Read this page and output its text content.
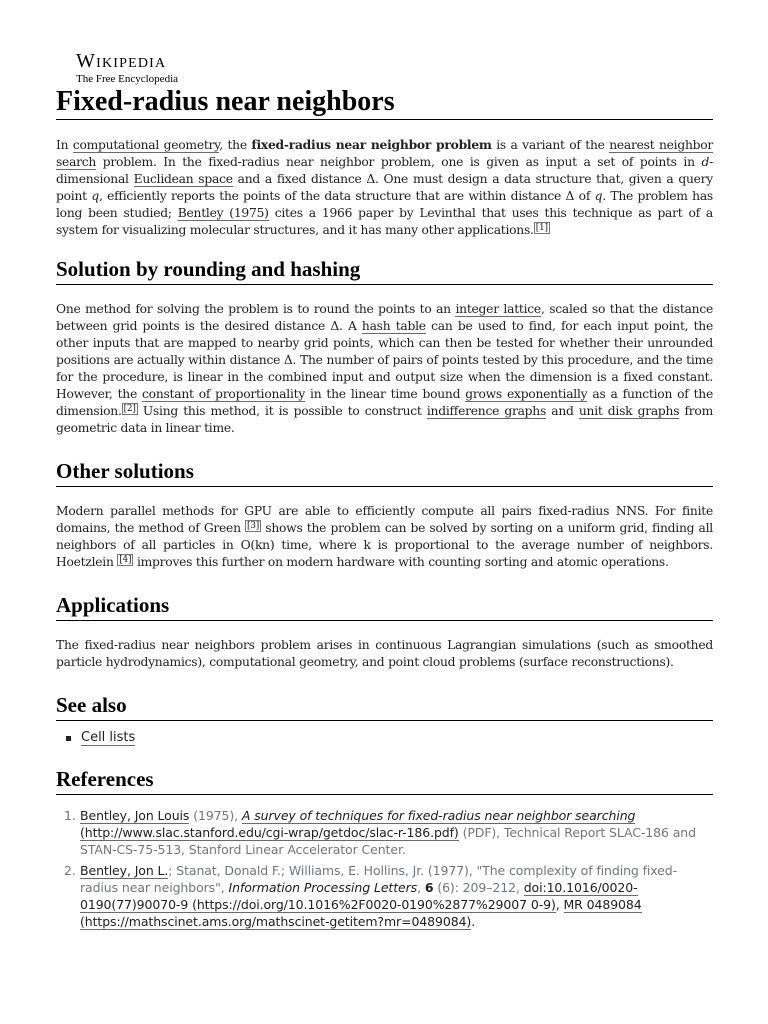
Wikipedia
The Free Encyclopedia
Fixed-radius near neighbors

In computational geometry, the fixed-radius near neighbor problem is a variant of the nearest neighbor search problem. In the fixed-radius near neighbor problem, one is given as input a set of points in d-dimensional Euclidean space and a fixed distance Δ. One must design a data structure that, given a query point q, efficiently reports the points of the data structure that are within distance Δ of q. The problem has long been studied; Bentley (1975) cites a 1966 paper by Levinthal that uses this technique as part of a system for visualizing molecular structures, and it has many other applications. [1]

Solution by rounding and hashing

One method for solving the problem is to round the points to an integer lattice, scaled so that the distance between grid points is the desired distance Δ. A hash table can be used to find, for each input point, the other inputs that are mapped to nearby grid points, which can then be tested for whether their unrounded positions are actually within distance Δ. The number of pairs of points tested by this procedure, and the time for the procedure, is linear in the combined input and output size when the dimension is a fixed constant. However, the constant of proportionality in the linear time bound grows exponentially as a function of the dimension. [2] Using this method, it is possible to construct indifference graphs and unit disk graphs from geometric data in linear time.

Other solutions

Modern parallel methods for GPU are able to efficiently compute all pairs fixed-radius NNS. For finite domains, the method of Green [3] shows the problem can be solved by sorting on a uniform grid, finding all neighbors of all particles in O(kn) time, where k is proportional to the average number of neighbors. Hoetzlein [4] improves this further on modern hardware with counting sorting and atomic operations.

Applications

The fixed-radius near neighbors problem arises in continuous Lagrangian simulations (such as smoothed particle hydrodynamics), computational geometry, and point cloud problems (surface reconstructions).

See also
Cell lists
References
1. Bentley, Jon Louis (1975), A survey of techniques for fixed-radius near neighbor searching (http://www.slac.stanford.edu/cgi-wrap/getdoc/slac-r-186.pdf) (PDF), Technical Report SLAC-186 and STAN-CS-75-513, Stanford Linear Accelerator Center.
2. Bentley, Jon L.; Stanat, Donald F.; Williams, E. Hollins, Jr. (1977), "The complexity of finding fixed-radius near neighbors", Information Processing Letters, 6 (6): 209–212, doi:10.1016/0020-0190(77)90070-9 (https://doi.org/10.1016%2F0020-0190%2877%29007 0-9), MR 0489084 (https://mathscinet.ams.org/mathscinet-getitem?mr=0489084).
